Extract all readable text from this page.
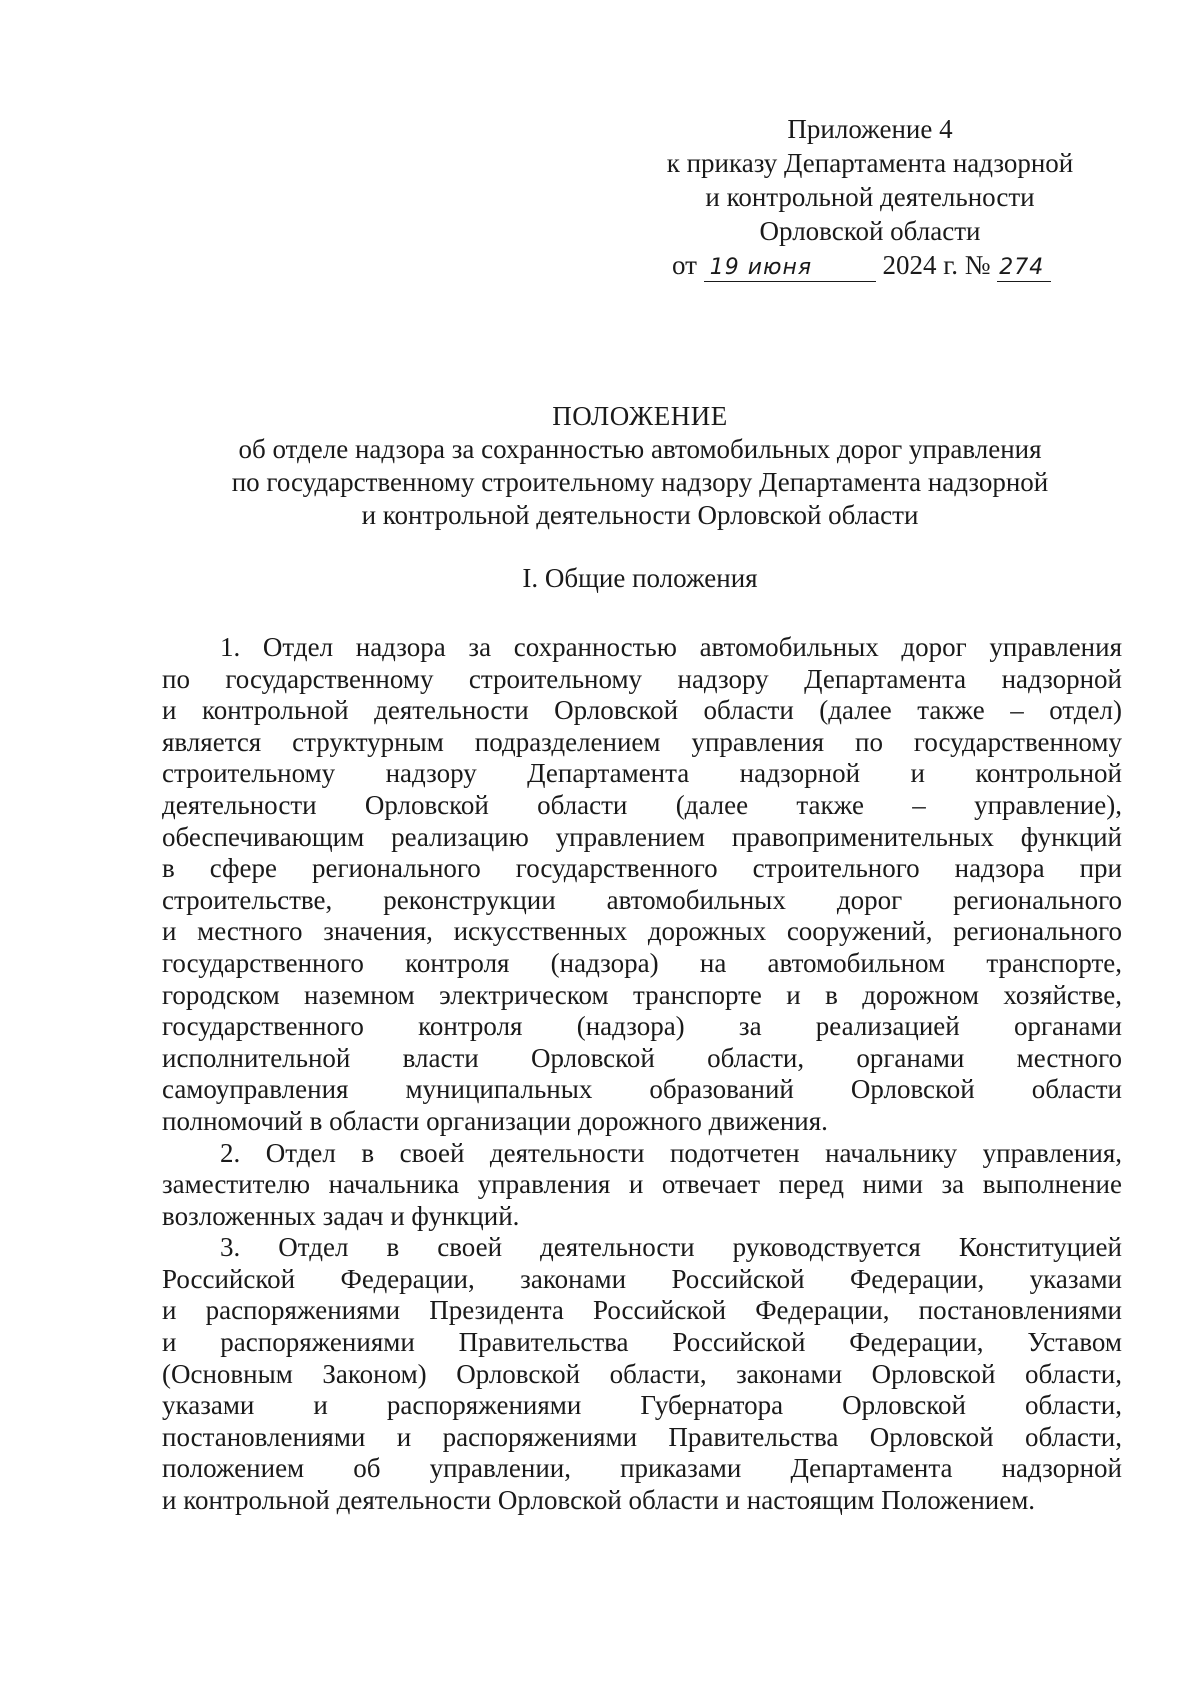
Приложение 4
к приказу Департамента надзорной
и контрольной деятельности
Орловской области
от 19 июня	2024 г. № 274
ПОЛОЖЕНИЕ
об отделе надзора за сохранностью автомобильных дорог управления
по государственному строительному надзору Департамента надзорной
и контрольной деятельности Орловской области
I. Общие положения
1. Отдел надзора за сохранностью автомобильных дорог управления
по государственному строительному надзору Департамента надзорной
и контрольной деятельности Орловской области (далее также – отдел)
является структурным подразделением управления по государственному
строительному надзору Департамента надзорной и контрольной
деятельности Орловской области (далее также – управление),
обеспечивающим реализацию управлением правоприменительных функций
в сфере регионального государственного строительного надзора при
строительстве, реконструкции автомобильных дорог регионального
и местного значения, искусственных дорожных сооружений, регионального
государственного контроля (надзора) на автомобильном транспорте,
городском наземном электрическом транспорте и в дорожном хозяйстве,
государственного контроля (надзора) за реализацией органами
исполнительной власти Орловской области, органами местного
самоуправления муниципальных образований Орловской области
полномочий в области организации дорожного движения.
2. Отдел в своей деятельности подотчетен начальнику управления,
заместителю начальника управления и отвечает перед ними за выполнение
возложенных задач и функций.
3. Отдел в своей деятельности руководствуется Конституцией
Российской Федерации, законами Российской Федерации, указами
и распоряжениями Президента Российской Федерации, постановлениями
и распоряжениями Правительства Российской Федерации, Уставом
(Основным Законом) Орловской области, законами Орловской области,
указами и распоряжениями Губернатора Орловской области,
постановлениями и распоряжениями Правительства Орловской области,
положением об управлении, приказами Департамента надзорной
и контрольной деятельности Орловской области и настоящим Положением.
